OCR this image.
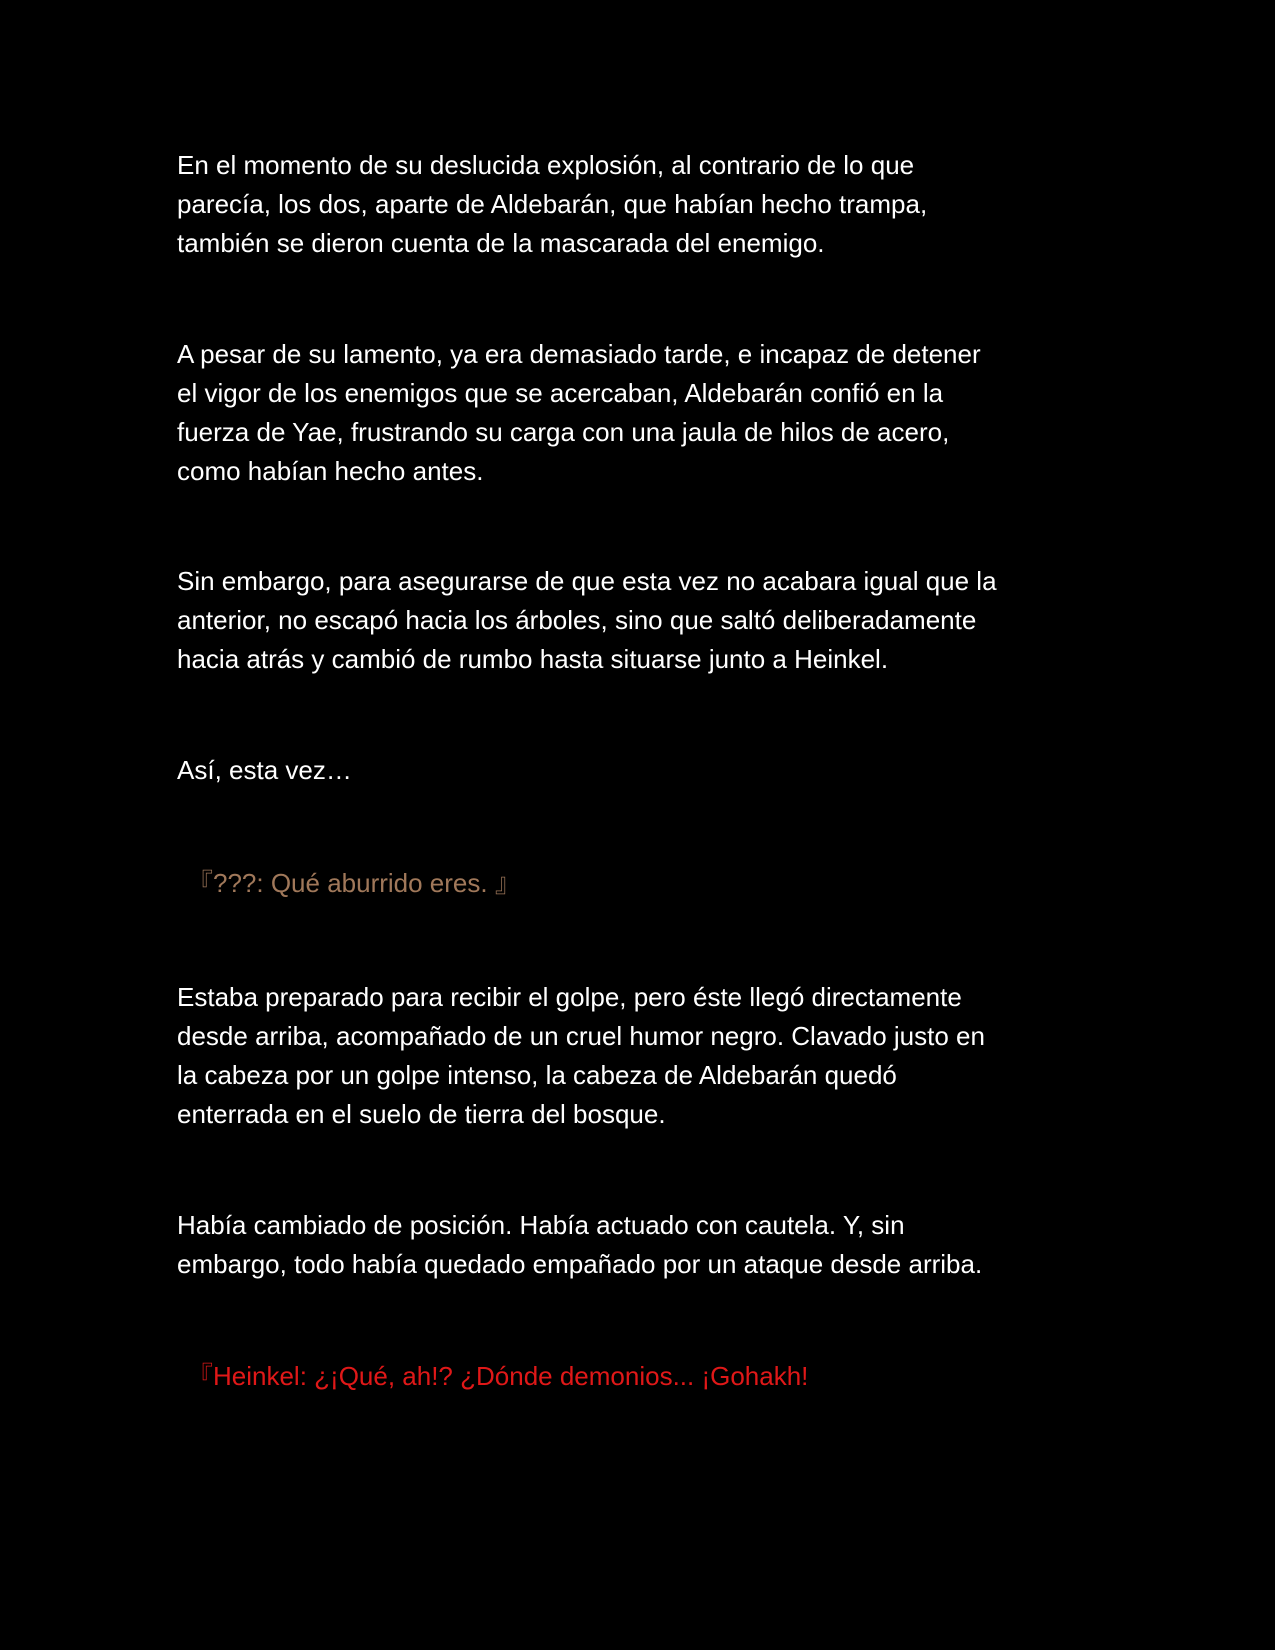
En el momento de su deslucida explosión, al contrario de lo que
parecía, los dos, aparte de Aldebarán, que habían hecho trampa,
también se dieron cuenta de la mascarada del enemigo.

A pesar de su lamento, ya era demasiado tarde, e incapaz de detener
el vigor de los enemigos que se acercaban, Aldebarán confió en la
fuerza de Yae, frustrando su carga con una jaula de hilos de acero,
como habían hecho antes.

Sin embargo, para asegurarse de que esta vez no acabara igual que la
anterior, no escapó hacia los árboles, sino que saltó deliberadamente
hacia atrás y cambió de rumbo hasta situarse junto a Heinkel.

Así, esta vez…

『???: Qué aburrido eres. 』

Estaba preparado para recibir el golpe, pero éste llegó directamente
desde arriba, acompañado de un cruel humor negro. Clavado justo en
la cabeza por un golpe intenso, la cabeza de Aldebarán quedó
enterrada en el suelo de tierra del bosque.

Había cambiado de posición. Había actuado con cautela. Y, sin
embargo, todo había quedado empañado por un ataque desde arriba.

『Heinkel: ¿¡Qué, ah!? ¿Dónde demonios... ¡Gohakh!
